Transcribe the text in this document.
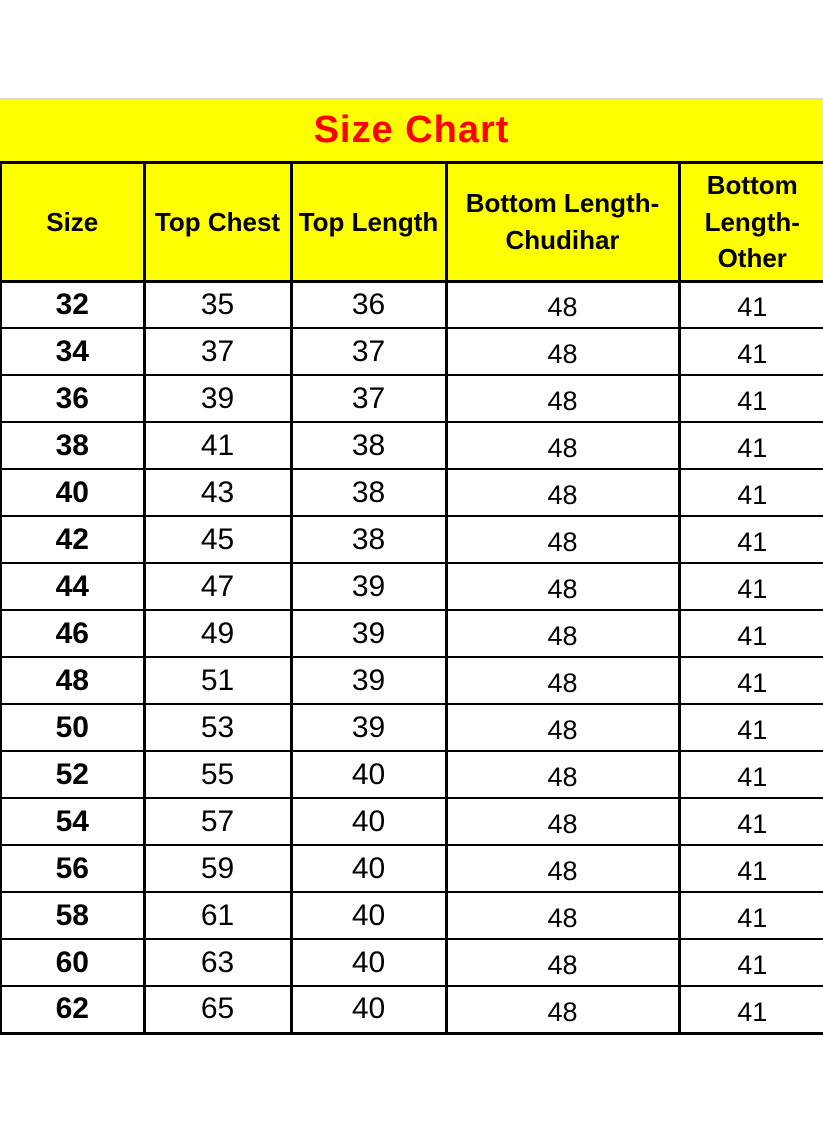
Size Chart
Size	Top Chest	Top Length	Bottom Length-Chudihar	Bottom Length-Other
32	35	36	48	41
34	37	37	48	41
36	39	37	48	41
38	41	38	48	41
40	43	38	48	41
42	45	38	48	41
44	47	39	48	41
46	49	39	48	41
48	51	39	48	41
50	53	39	48	41
52	55	40	48	41
54	57	40	48	41
56	59	40	48	41
58	61	40	48	41
60	63	40	48	41
62	65	40	48	41
